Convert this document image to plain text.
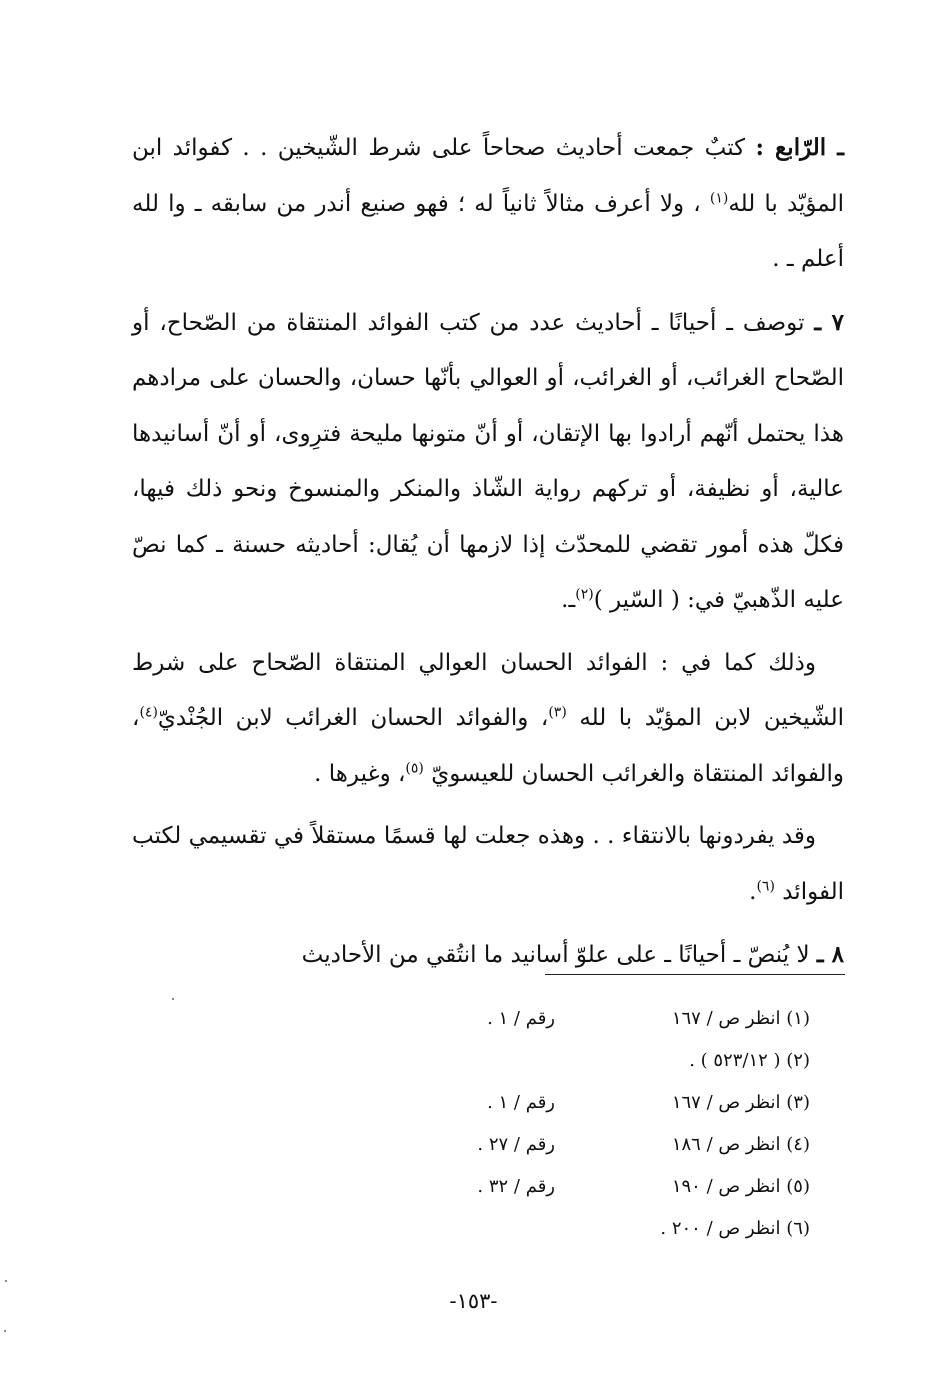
ـ الرّابع : كتبٌ جمعت أحاديث صحاحاً على شرط الشّيخين . . كفوائد ابن المؤيّد با لله$^{(١)}$ ، ولا أعرف مثالاً ثانياً له ؛ فهو صنيع أندر من سابقه ـ وا لله أعلم ـ .

٧ ـ توصف ـ أحيانًا ـ أحاديث عدد من كتب الفوائد المنتقاة من الصّحاح، أو الصّحاح الغرائب، أو الغرائب، أو العوالي بأنّها حسان، والحسان على مرادهم هذا يحتمل أنّهم أرادوا بها الإتقان، أو أنّ متونها مليحة فترِوى، أو أنّ أسانيدها عالية، أو نظيفة، أو تركهم رواية الشّاذ والمنكر والمنسوخ ونحو ذلك فيها، فكلّ هذه أمور تقضي للمحدّث إذا لازمها أن يُقال: أحاديثه حسنة ـ كما نصّ عليه الذّهبيّ في: ( السّير )$^{(٢)}$ـ.

وذلك كما في : الفوائد الحسان العوالي المنتقاة الصّحاح على شرط الشّيخين لابن المؤيّد با لله $^{(٣)}$، والفوائد الحسان الغرائب لابن الجُنْديّ$^{(٤)}$، والفوائد المنتقاة والغرائب الحسان للعيسويّ $^{(٥)}$، وغيرها .

وقد يفردونها بالانتقاء . . وهذه جعلت لها قسمًا مستقلاً في تقسيمي لكتب الفوائد $^{(٦)}$.

٨ ـ لا يُنصّ ـ أحيانًا ـ على علوّ أسانيد ما انتُقي من الأحاديث

(١) انظر ص / ١٦٧
رقم / ١ .
(٢) ( ٥٢٣/١٢ ) .
(٣) انظر ص / ١٦٧
رقم / ١ .
(٤) انظر ص / ١٨٦
رقم / ٢٧ .
(٥) انظر ص / ١٩٠
رقم / ٣٢ .
(٦) انظر ص / ٢٠٠ .
-١٥٣-
